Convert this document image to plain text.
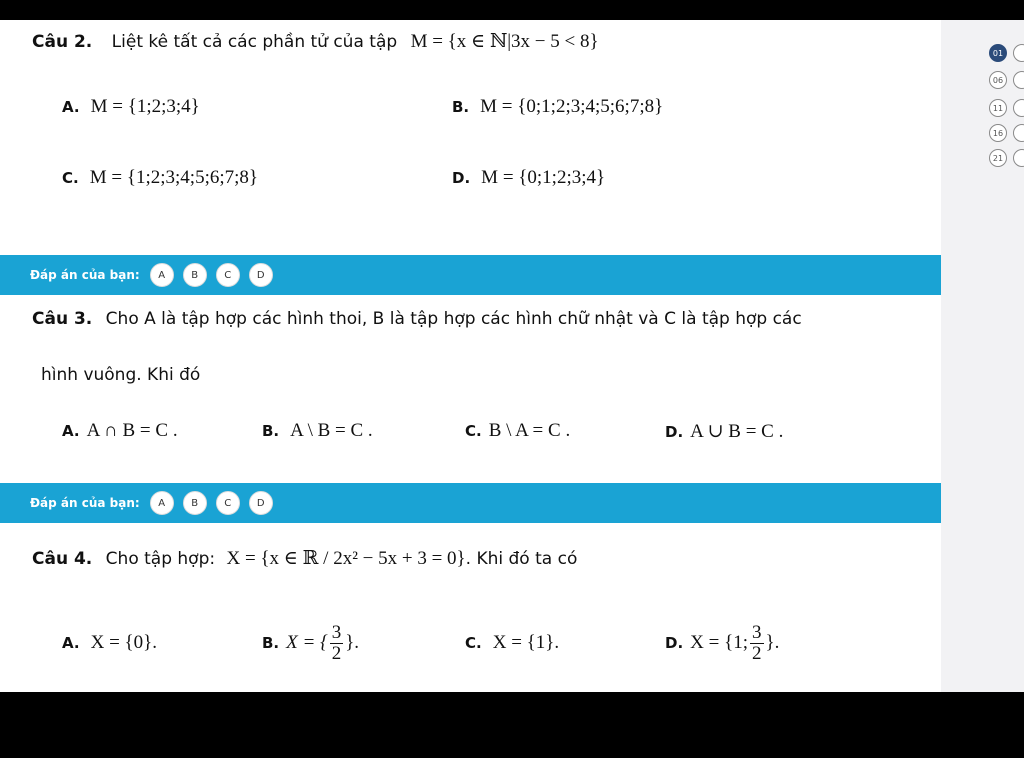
Câu 2. Liệt kê tất cả các phần tử của tập M = {x ∈ ℕ|3x − 5 < 8}
A. M = {1;2;3;4}	B. M = {0;1;2;3;4;5;6;7;8}
C. M = {1;2;3;4;5;6;7;8}	D. M = {0;1;2;3;4}
Đáp án của bạn:	A	B	C	D
Câu 3. Cho A là tập hợp các hình thoi, B là tập hợp các hình chữ nhật và C là tập hợp các
hình vuông. Khi đó
A. A ∩ B = C .	B. A \ B = C .	C. B \ A = C .	D. A ∪ B = C .
Đáp án của bạn:	A	B	C	D
Câu 4. Cho tập hợp: X = {x ∈ ℝ / 2x² − 5x + 3 = 0}. Khi đó ta có
A. X = {0}.	B. X = { $\frac{3}{2}$ }.	C. X = {1}.	D. X = {1; $\frac{3}{2}$ }.
01
06
11
16
21
